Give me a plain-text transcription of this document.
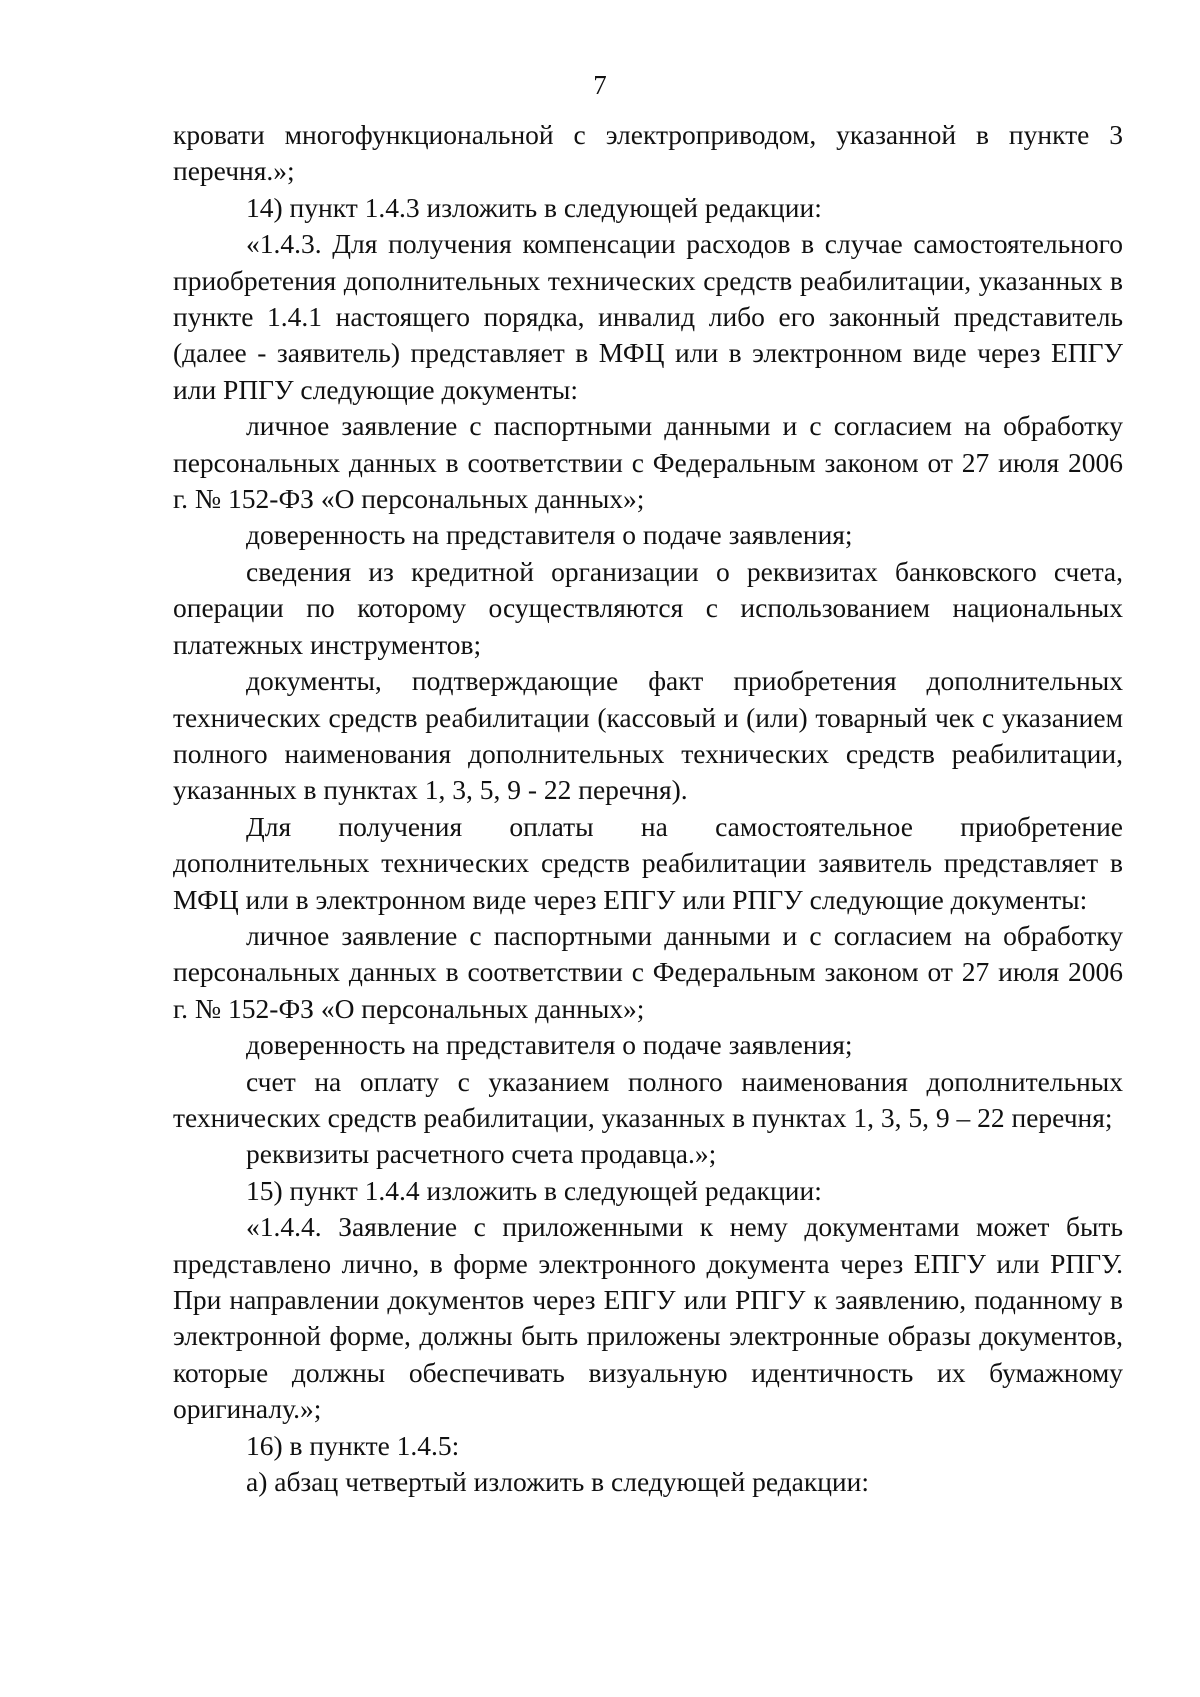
7

кровати многофункциональной с электроприводом, указанной в пункте 3 перечня.»;

14) пункт 1.4.3 изложить в следующей редакции:

«1.4.3. Для получения компенсации расходов в случае самостоятельного приобретения дополнительных технических средств реабилитации, указанных в пункте 1.4.1 настоящего порядка, инвалид либо его законный представитель (далее - заявитель) представляет в МФЦ или в электронном виде через ЕПГУ или РПГУ следующие документы:

личное заявление с паспортными данными и с согласием на обработку персональных данных в соответствии с Федеральным законом от 27 июля 2006 г. № 152-ФЗ «О персональных данных»;

доверенность на представителя о подаче заявления;

сведения из кредитной организации о реквизитах банковского счета, операции по которому осуществляются с использованием национальных платежных инструментов;

документы, подтверждающие факт приобретения дополнительных технических средств реабилитации (кассовый и (или) товарный чек с указанием полного наименования дополнительных технических средств реабилитации, указанных в пунктах 1, 3, 5, 9 - 22 перечня).

Для получения оплаты на самостоятельное приобретение дополнительных технических средств реабилитации заявитель представляет в МФЦ или в электронном виде через ЕПГУ или РПГУ следующие документы:

личное заявление с паспортными данными и с согласием на обработку персональных данных в соответствии с Федеральным законом от 27 июля 2006 г. № 152-ФЗ «О персональных данных»;

доверенность на представителя о подаче заявления;

счет на оплату с указанием полного наименования дополнительных технических средств реабилитации, указанных в пунктах 1, 3, 5, 9 – 22 перечня;

реквизиты расчетного счета продавца.»;

15) пункт 1.4.4 изложить в следующей редакции:

«1.4.4. Заявление с приложенными к нему документами может быть представлено лично, в форме электронного документа через ЕПГУ или РПГУ. При направлении документов через ЕПГУ или РПГУ к заявлению, поданному в электронной форме, должны быть приложены электронные образы документов, которые должны обеспечивать визуальную идентичность их бумажному оригиналу.»;

16) в пункте 1.4.5:

а) абзац четвертый изложить в следующей редакции:
